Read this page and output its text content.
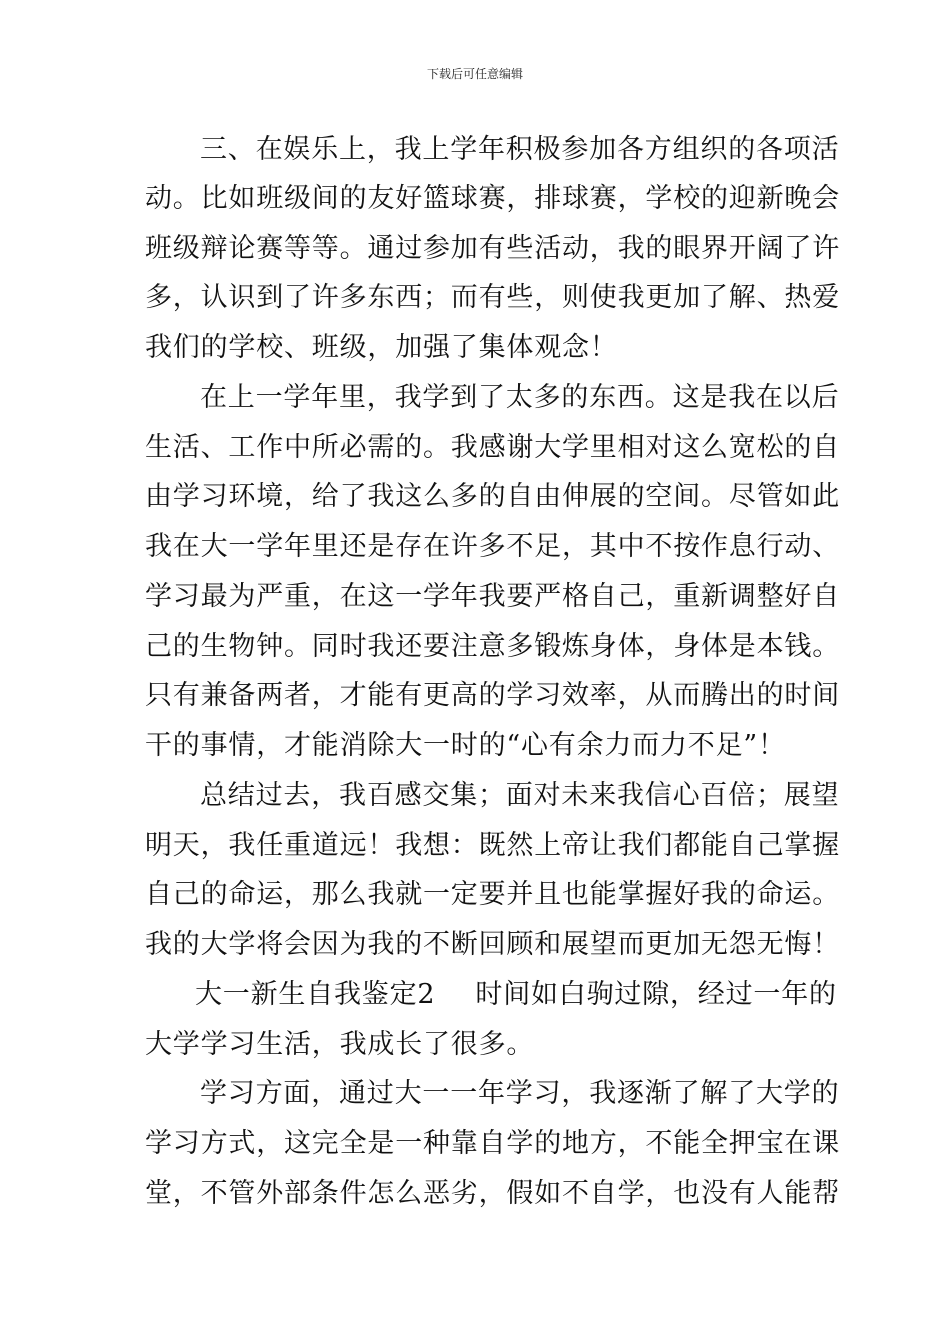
下载后可任意编辑
三、在娱乐上，我上学年积极参加各方组织的各项活
动。比如班级间的友好篮球赛，排球赛，学校的迎新晚会
班级辩论赛等等。通过参加有些活动，我的眼界开阔了许
多，认识到了许多东西；而有些，则使我更加了解、热爱
我们的学校、班级，加强了集体观念！
在上一学年里，我学到了太多的东西。这是我在以后
生活、工作中所必需的。我感谢大学里相对这么宽松的自
由学习环境，给了我这么多的自由伸展的空间。尽管如此
我在大一学年里还是存在许多不足，其中不按作息行动、
学习最为严重，在这一学年我要严格自己，重新调整好自
己的生物钟。同时我还要注意多锻炼身体，身体是本钱。
只有兼备两者，才能有更高的学习效率，从而腾出的时间
干的事情，才能消除大一时的“心有余力而力不足”！
总结过去，我百感交集；面对未来我信心百倍；展望
明天，我任重道远！我想：既然上帝让我们都能自己掌握
自己的命运，那么我就一定要并且也能掌握好我的命运。
我的大学将会因为我的不断回顾和展望而更加无怨无悔！
大一新生自我鉴定2 时间如白驹过隙，经过一年的
大学学习生活，我成长了很多。
学习方面，通过大一一年学习，我逐渐了解了大学的
学习方式，这完全是一种靠自学的地方，不能全押宝在课
堂，不管外部条件怎么恶劣，假如不自学，也没有人能帮
